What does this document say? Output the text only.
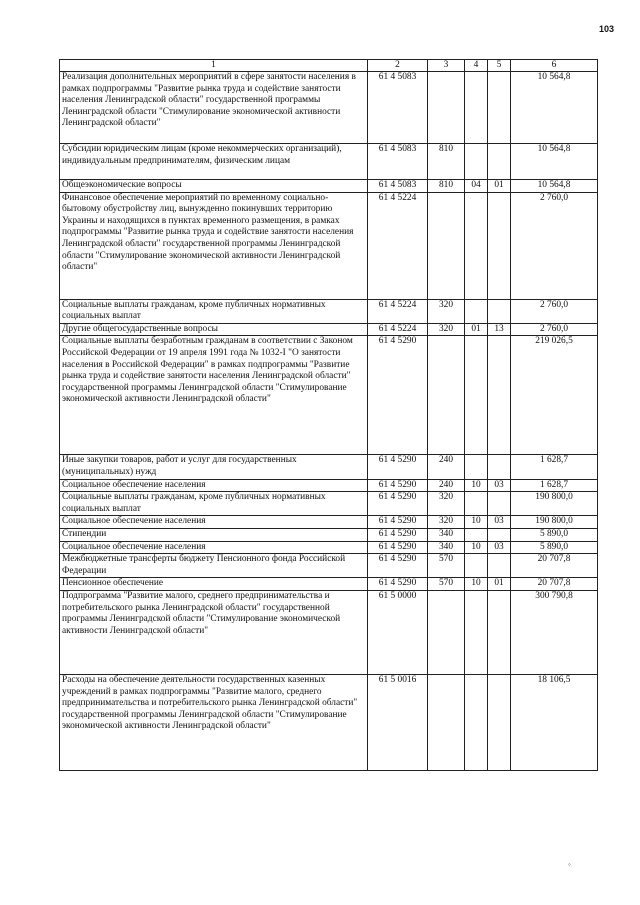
103
1	2	3	4	5	6
Реализация дополнительных мероприятий в сфере занятости населения в рамках подпрограммы "Развитие рынка труда и содействие занятости населения Ленинградской области" государственной программы Ленинградской области "Стимулирование экономической активности Ленинградской области"	61 4 5083				10 564,8
Субсидии юридическим лицам (кроме некоммерческих организаций), индивидуальным предпринимателям, физическим лицам	61 4 5083	810			10 564,8
Общеэкономические вопросы	61 4 5083	810	04	01	10 564,8
Финансовое обеспечение мероприятий по временному социально-бытовому обустройству лиц, вынужденно покинувших территорию Украины и находящихся в пунктах временного размещения, в рамках подпрограммы "Развитие рынка труда и содействие занятости населения Ленинградской области" государственной программы Ленинградской области "Стимулирование экономической активности Ленинградской области"	61 4 5224				2 760,0
Социальные выплаты гражданам, кроме публичных нормативных социальных выплат	61 4 5224	320			2 760,0
Другие общегосударственные вопросы	61 4 5224	320	01	13	2 760,0
Социальные выплаты безработным гражданам в соответствии с Законом Российской Федерации от 19 апреля 1991 года № 1032-I "О занятости населения в Российской Федерации" в рамках подпрограммы "Развитие рынка труда и содействие занятости населения Ленинградской области" государственной программы Ленинградской области "Стимулирование экономической активности Ленинградской области"	61 4 5290				219 026,5
Иные закупки товаров, работ и услуг для государственных (муниципальных) нужд	61 4 5290	240			1 628,7
Социальное обеспечение населения	61 4 5290	240	10	03	1 628,7
Социальные выплаты гражданам, кроме публичных нормативных социальных выплат	61 4 5290	320			190 800,0
Социальное обеспечение населения	61 4 5290	320	10	03	190 800,0
Стипендии	61 4 5290	340			5 890,0
Социальное обеспечение населения	61 4 5290	340	10	03	5 890,0
Межбюджетные трансферты бюджету Пенсионного фонда Российской Федерации	61 4 5290	570			20 707,8
Пенсионное обеспечение	61 4 5290	570	10	01	20 707,8
Подпрограмма "Развитие малого, среднего предпринимательства и потребительского рынка Ленинградской области" государственной программы Ленинградской области "Стимулирование экономической активности Ленинградской области"	61 5 0000				300 790,8
Расходы на обеспечение деятельности государственных казенных учреждений в рамках подпрограммы "Развитие малого, среднего предпринимательства и потребительского рынка Ленинградской области" государственной программы Ленинградской области "Стимулирование экономической активности Ленинградской области"	61 5 0016				18 106,5
◦
